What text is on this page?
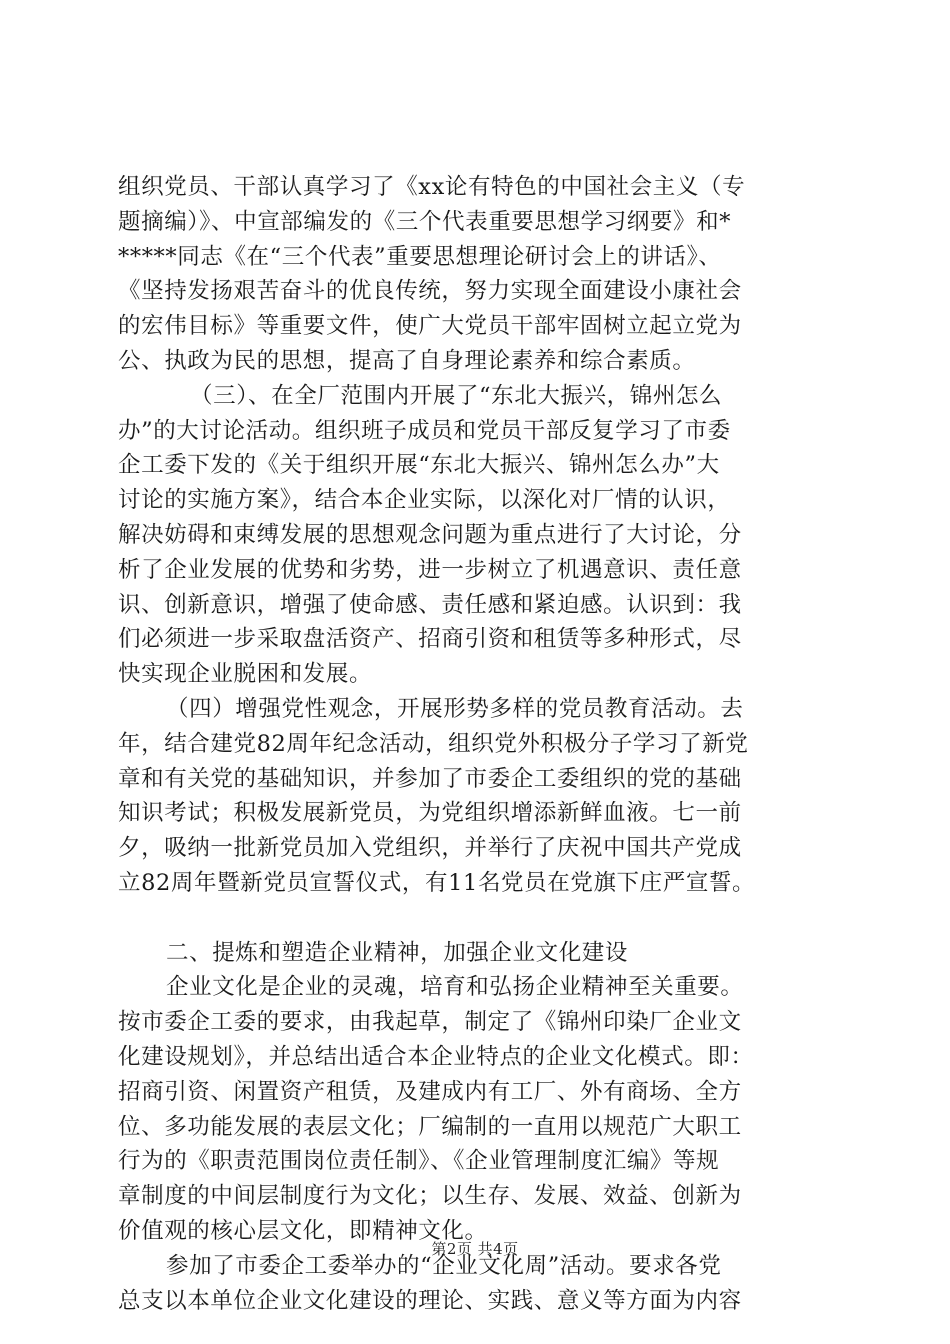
组织党员、干部认真学习了《xx论有特色的中国社会主义（专
题摘编）》、中宣部编发的《三个代表重要思想学习纲要》和*
*****同志《在“三个代表”重要思想理论研讨会上的讲话》、
《坚持发扬艰苦奋斗的优良传统，努力实现全面建设小康社会
的宏伟目标》等重要文件，使广大党员干部牢固树立起立党为
公、执政为民的思想，提高了自身理论素养和综合素质。
（三）、在全厂范围内开展了“东北大振兴，锦州怎么
办”的大讨论活动。组织班子成员和党员干部反复学习了市委
企工委下发的《关于组织开展“东北大振兴、锦州怎么办”大
讨论的实施方案》，结合本企业实际，以深化对厂情的认识，
解决妨碍和束缚发展的思想观念问题为重点进行了大讨论，分
析了企业发展的优势和劣势，进一步树立了机遇意识、责任意
识、创新意识，增强了使命感、责任感和紧迫感。认识到：我
们必须进一步采取盘活资产、招商引资和租赁等多种形式，尽
快实现企业脱困和发展。
（四）增强党性观念，开展形势多样的党员教育活动。去
年，结合建党82周年纪念活动，组织党外积极分子学习了新党
章和有关党的基础知识，并参加了市委企工委组织的党的基础
知识考试；积极发展新党员，为党组织增添新鲜血液。七一前
夕，吸纳一批新党员加入党组织，并举行了庆祝中国共产党成
立82周年暨新党员宣誓仪式，有11名党员在党旗下庄严宣誓。
二、提炼和塑造企业精神，加强企业文化建设
企业文化是企业的灵魂，培育和弘扬企业精神至关重要。
按市委企工委的要求，由我起草，制定了《锦州印染厂企业文
化建设规划》，并总结出适合本企业特点的企业文化模式。即：
招商引资、闲置资产租赁，及建成内有工厂、外有商场、全方
位、多功能发展的表层文化；厂编制的一直用以规范广大职工
行为的《职责范围岗位责任制》、《企业管理制度汇编》等规
章制度的中间层制度行为文化；以生存、发展、效益、创新为
价值观的核心层文化，即精神文化。
参加了市委企工委举办的“企业文化周”活动。要求各党
总支以本单位企业文化建设的理论、实践、意义等方面为内容
第2页 共4页
